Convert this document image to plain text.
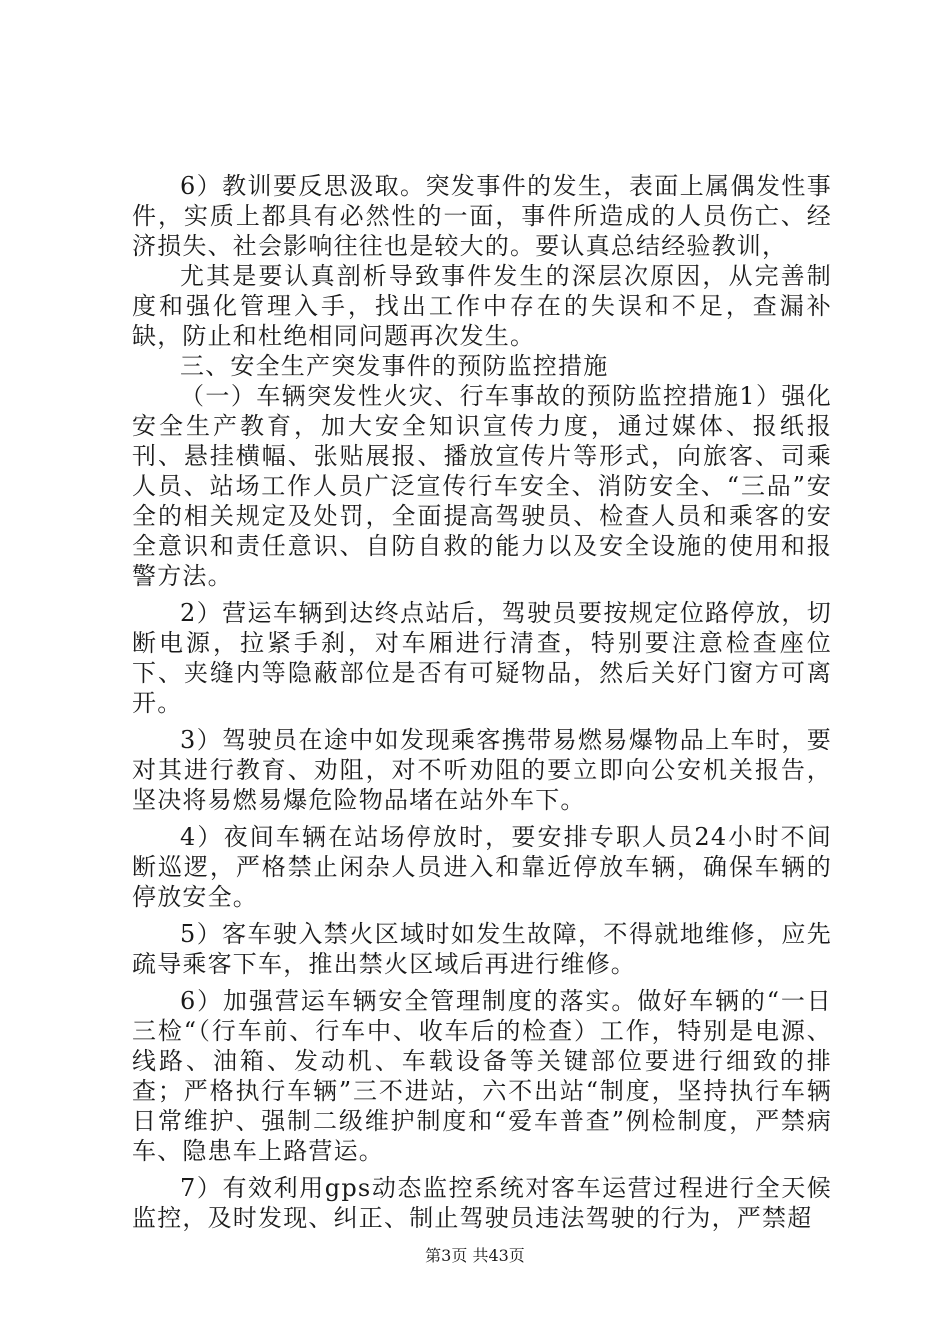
6）教训要反思汲取。突发事件的发生，表面上属偶发性事件，实质上都具有必然性的一面，事件所造成的人员伤亡、经济损失、社会影响往往也是较大的。要认真总结经验教训，

尤其是要认真剖析导致事件发生的深层次原因，从完善制度和强化管理入手，找出工作中存在的失误和不足，查漏补缺，防止和杜绝相同问题再次发生。

三、安全生产突发事件的预防监控措施

（一）车辆突发性火灾、行车事故的预防监控措施1）强化安全生产教育，加大安全知识宣传力度，通过媒体、报纸报刊、悬挂横幅、张贴展报、播放宣传片等形式，向旅客、司乘人员、站场工作人员广泛宣传行车安全、消防安全、“三品”安全的相关规定及处罚，全面提高驾驶员、检查人员和乘客的安全意识和责任意识、自防自救的能力以及安全设施的使用和报警方法。

2）营运车辆到达终点站后，驾驶员要按规定位路停放，切断电源，拉紧手刹，对车厢进行清查，特别要注意检查座位下、夹缝内等隐蔽部位是否有可疑物品，然后关好门窗方可离开。

3）驾驶员在途中如发现乘客携带易燃易爆物品上车时，要对其进行教育、劝阻，对不听劝阻的要立即向公安机关报告，坚决将易燃易爆危险物品堵在站外车下。

4）夜间车辆在站场停放时，要安排专职人员24小时不间断巡逻，严格禁止闲杂人员进入和靠近停放车辆，确保车辆的停放安全。

5）客车驶入禁火区域时如发生故障，不得就地维修，应先疏导乘客下车，推出禁火区域后再进行维修。

6）加强营运车辆安全管理制度的落实。做好车辆的“一日三检“（行车前、行车中、收车后的检查）工作，特别是电源、线路、油箱、发动机、车载设备等关键部位要进行细致的排查；严格执行车辆”三不进站，六不出站“制度，坚持执行车辆日常维护、强制二级维护制度和“爱车普查”例检制度，严禁病车、隐患车上路营运。

7）有效利用gps动态监控系统对客车运营过程进行全天候监控，及时发现、纠正、制止驾驶员违法驾驶的行为，严禁超

第3页 共43页
